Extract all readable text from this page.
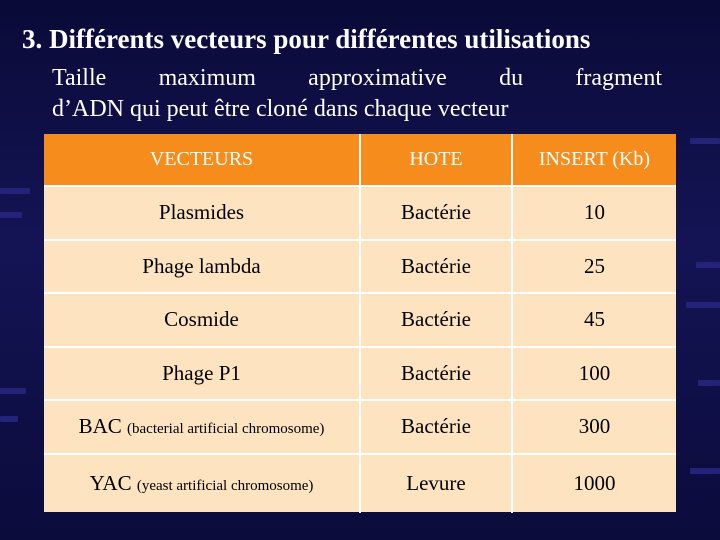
3. Différents vecteurs pour différentes utilisations
Taille maximum approximative du fragment
d’ADN qui peut être cloné dans chaque vecteur
VECTEURS	HOTE	INSERT (Kb)
Plasmides	Bactérie	10
Phage lambda	Bactérie	25
Cosmide	Bactérie	45
Phage P1	Bactérie	100
BAC (bacterial artificial chromosome)	Bactérie	300
YAC (yeast artificial chromosome)	Levure	1000
